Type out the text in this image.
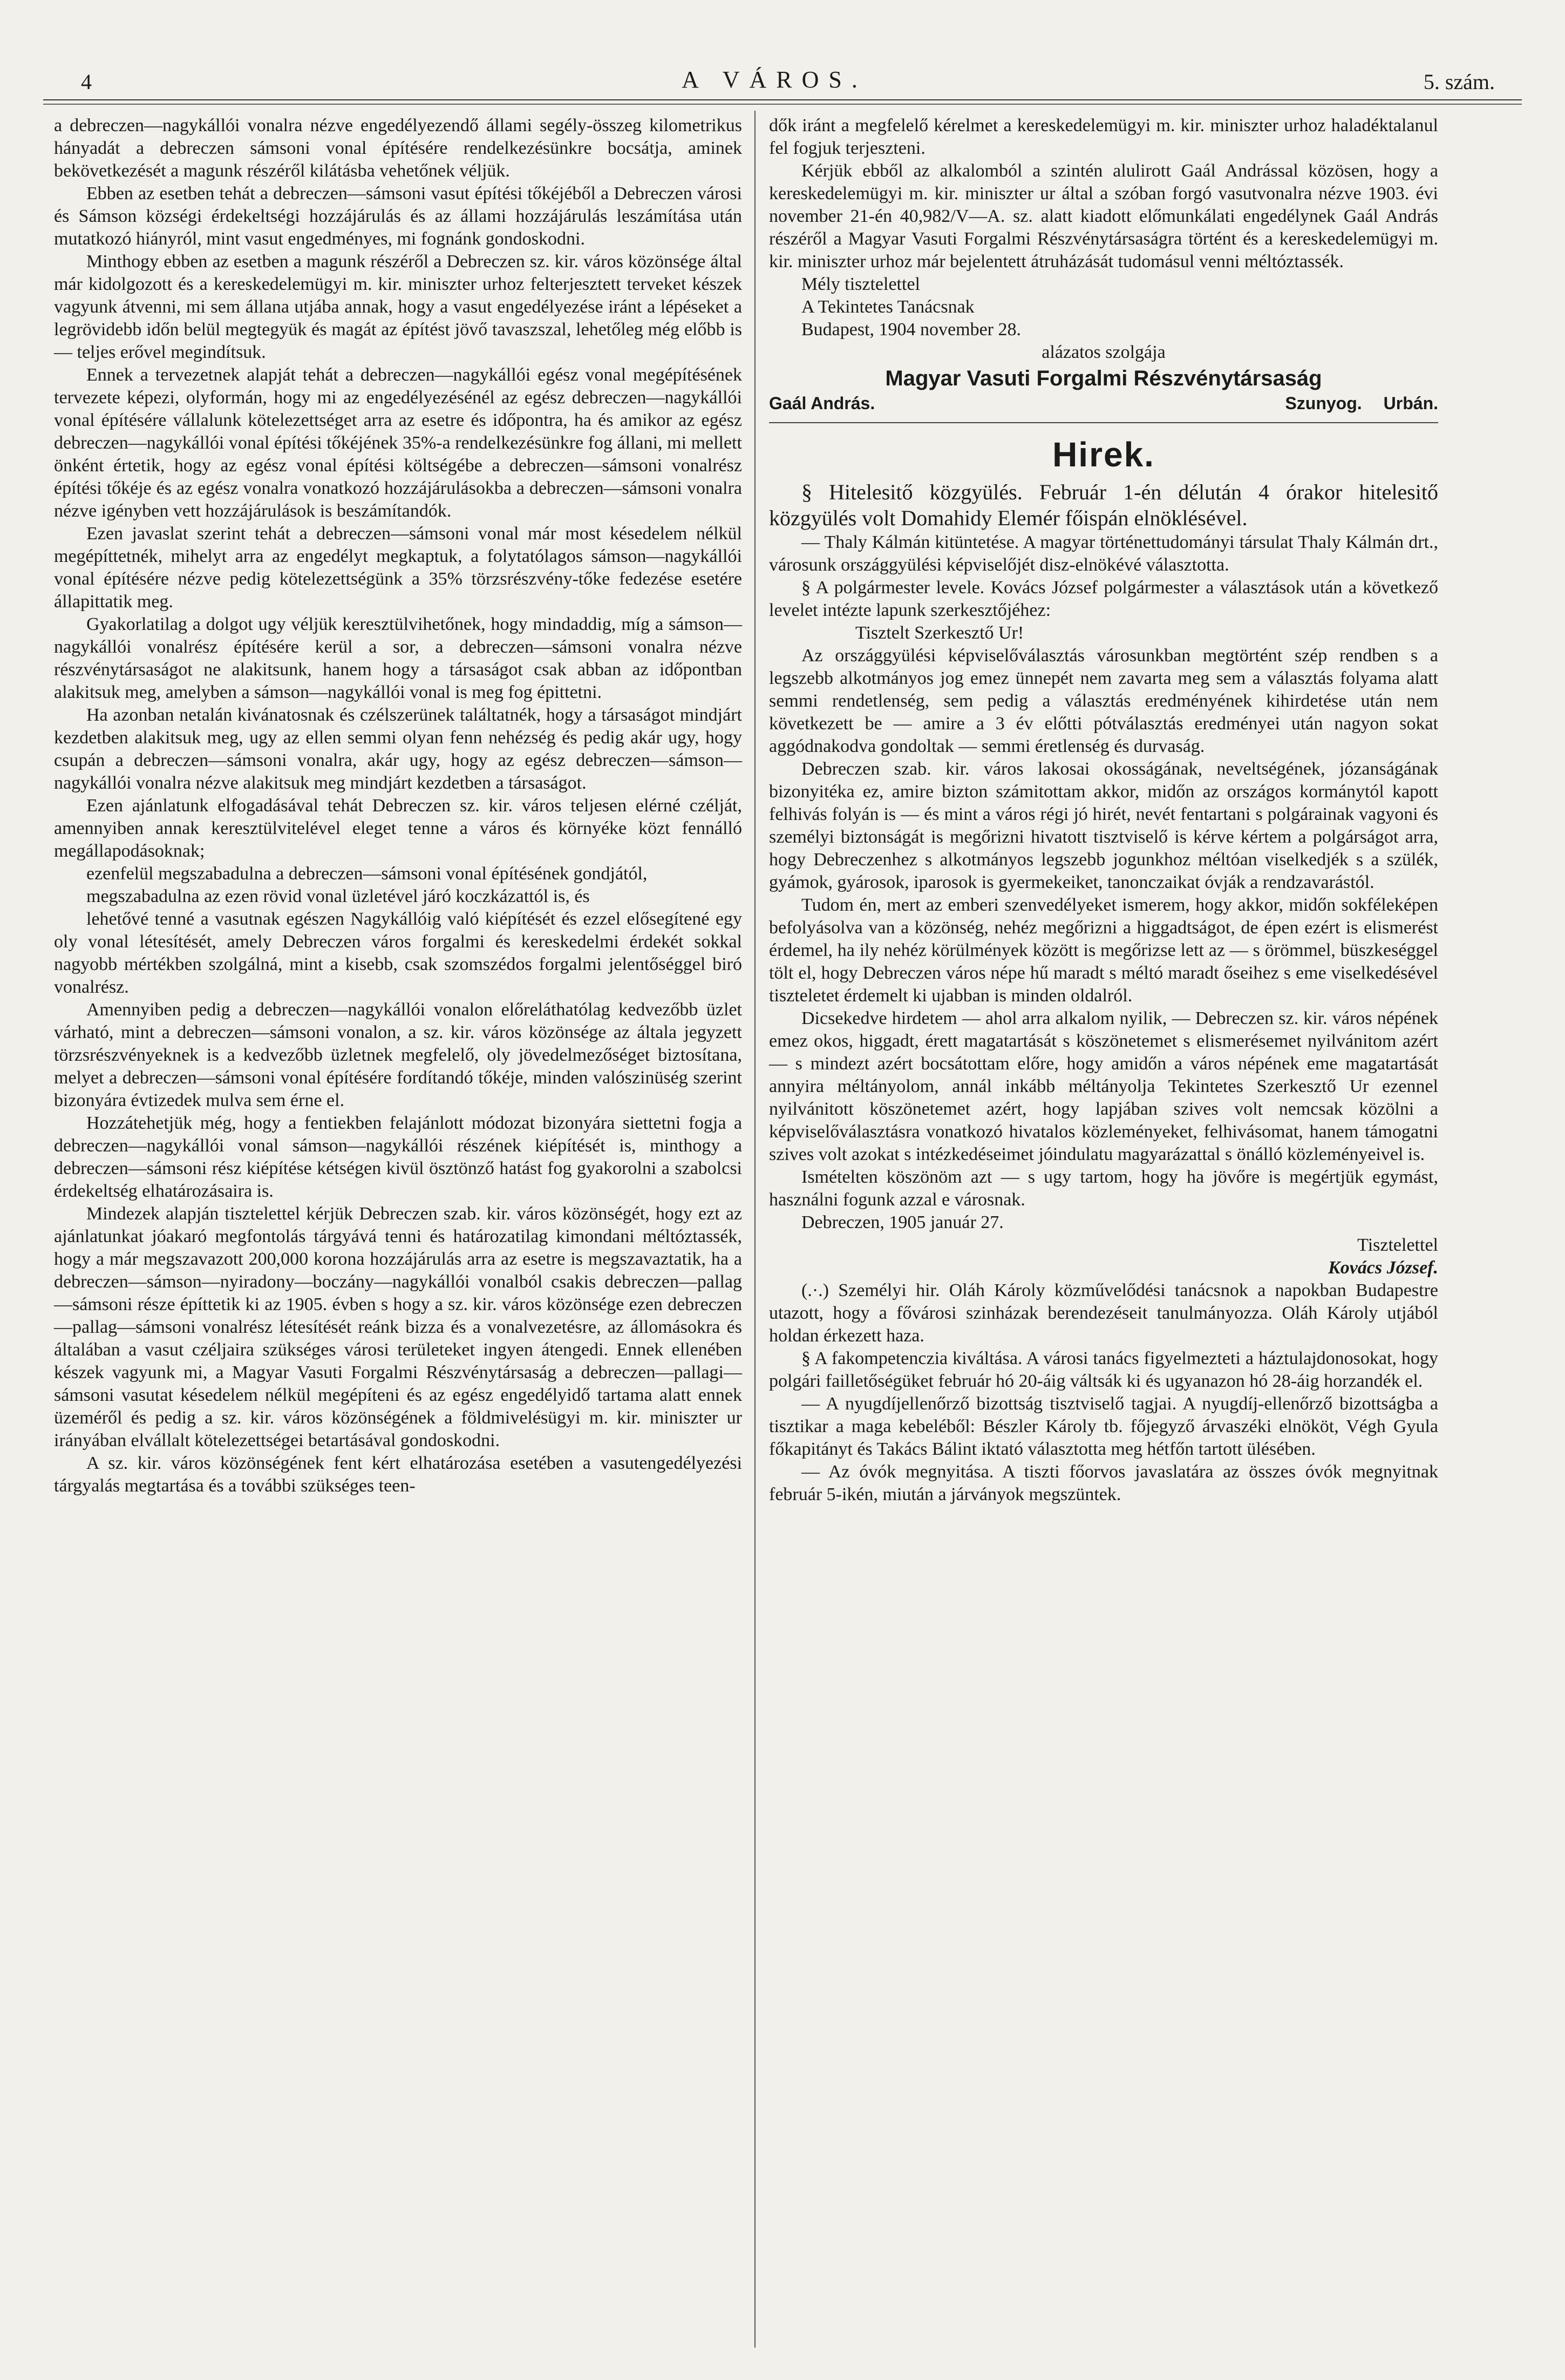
4	A VÁROS.	5. szám.

a debreczen—nagykállói vonalra nézve engedélyezendő állami segély-összeg kilometrikus hányadát a debreczen sámsoni vonal építésére rendelkezésünkre bocsátja, aminek bekövetkezését a magunk részéről kilátásba vehetőnek véljük.

Ebben az esetben tehát a debreczen—sámsoni vasut építési tőkéjéből a Debreczen városi és Sámson községi érdekeltségi hozzájárulás és az állami hozzájárulás leszámítása után mutatkozó hiányról, mint vasut engedményes, mi fognánk gondoskodni.

Minthogy ebben az esetben a magunk részéről a Debreczen sz. kir. város közönsége által már kidolgozott és a kereskedelemügyi m. kir. miniszter urhoz felterjesztett terveket készek vagyunk átvenni, mi sem állana utjába annak, hogy a vasut engedélyezése iránt a lépéseket a legrövidebb időn belül megtegyük és magát az építést jövő tavaszszal, lehetőleg még előbb is — teljes erővel megindítsuk.

Ennek a tervezetnek alapját tehát a debreczen—nagykállói egész vonal megépítésének tervezete képezi, olyformán, hogy mi az engedélyezésénél az egész debreczen—nagykállói vonal építésére vállalunk kötelezettséget arra az esetre és időpontra, ha és amikor az egész debreczen—nagykállói vonal építési tőkéjének 35%-a rendelkezésünkre fog állani, mi mellett önként értetik, hogy az egész vonal építési költségébe a debreczen—sámsoni vonalrész építési tőkéje és az egész vonalra vonatkozó hozzájárulásokba a debreczen—sámsoni vonalra nézve igényben vett hozzájárulások is beszámítandók.

Ezen javaslat szerint tehát a debreczen—sámsoni vonal már most késedelem nélkül megépíttetnék, mihelyt arra az engedélyt megkaptuk, a folytatólagos sámson—nagykállói vonal építésére nézve pedig kötelezettségünk a 35% törzsrészvény-tőke fedezése esetére állapittatik meg.

Gyakorlatilag a dolgot ugy véljük keresztülvihetőnek, hogy mindaddig, míg a sámson—nagykállói vonalrész építésére kerül a sor, a debreczen—sámsoni vonalra nézve részvénytársaságot ne alakitsunk, hanem hogy a társaságot csak abban az időpontban alakitsuk meg, amelyben a sámson—nagykállói vonal is meg fog épittetni.

Ha azonban netalán kivánatosnak és czélszerünek találtatnék, hogy a társaságot mindjárt kezdetben alakitsuk meg, ugy az ellen semmi olyan fenn nehézség és pedig akár ugy, hogy csupán a debreczen—sámsoni vonalra, akár ugy, hogy az egész debreczen—sámson—nagykállói vonalra nézve alakitsuk meg mindjárt kezdetben a társaságot.

Ezen ajánlatunk elfogadásával tehát Debreczen sz. kir. város teljesen elérné czélját, amennyiben annak keresztülvitelével eleget tenne a város és környéke közt fennálló megállapodásoknak;

ezenfelül megszabadulna a debreczen—sámsoni vonal építésének gondjától,

megszabadulna az ezen rövid vonal üzletével járó koczkázattól is, és

lehetővé tenné a vasutnak egészen Nagykállóig való kiépítését és ezzel elősegítené egy oly vonal létesítését, amely Debreczen város forgalmi és kereskedelmi érdekét sokkal nagyobb mértékben szolgálná, mint a kisebb, csak szomszédos forgalmi jelentőséggel biró vonalrész.

Amennyiben pedig a debreczen—nagykállói vonalon előreláthatólag kedvezőbb üzlet várható, mint a debreczen—sámsoni vonalon, a sz. kir. város közönsége az általa jegyzett törzsrészvényeknek is a kedvezőbb üzletnek megfelelő, oly jövedelmezőséget biztosítana, melyet a debreczen—sámsoni vonal építésére fordítandó tőkéje, minden valószinüség szerint bizonyára évtizedek mulva sem érne el.

Hozzátehetjük még, hogy a fentiekben felajánlott módozat bizonyára siettetni fogja a debreczen—nagykállói vonal sámson—nagykállói részének kiépítését is, minthogy a debreczen—sámsoni rész kiépítése kétségen kivül ösztönző hatást fog gyakorolni a szabolcsi érdekeltség elhatározásaira is.

Mindezek alapján tisztelettel kérjük Debreczen szab. kir. város közönségét, hogy ezt az ajánlatunkat jóakaró megfontolás tárgyává tenni és határozatilag kimondani méltóztassék, hogy a már megszavazott 200,000 korona hozzájárulás arra az esetre is megszavaztatik, ha a debreczen—sámson—nyiradony—boczány—nagykállói vonalból csakis debreczen—pallag—sámsoni része építtetik ki az 1905. évben s hogy a sz. kir. város közönsége ezen debreczen—pallag—sámsoni vonalrész létesítését reánk bizza és a vonalvezetésre, az állomásokra és általában a vasut czéljaira szükséges városi területeket ingyen átengedi. Ennek ellenében készek vagyunk mi, a Magyar Vasuti Forgalmi Részvénytársaság a debreczen—pallagi—sámsoni vasutat késedelem nélkül megépíteni és az egész engedélyidő tartama alatt ennek üzeméről és pedig a sz. kir. város közönségének a földmivelésügyi m. kir. miniszter ur irányában elvállalt kötelezettségei betartásával gondoskodni.

A sz. kir. város közönségének fent kért elhatározása esetében a vasutengedélyezési tárgyalás megtartása és a további szükséges teen-

dők iránt a megfelelő kérelmet a kereskedelemügyi m. kir. miniszter urhoz haladéktalanul fel fogjuk terjeszteni.

Kérjük ebből az alkalomból a szintén alulirott Gaál Andrással közösen, hogy a kereskedelemügyi m. kir. miniszter ur által a szóban forgó vasutvonalra nézve 1903. évi november 21-én 40,982/V—A. sz. alatt kiadott előmunkálati engedélynek Gaál András részéről a Magyar Vasuti Forgalmi Részvénytársaságra történt és a kereskedelemügyi m. kir. miniszter urhoz már bejelentett átruházását tudomásul venni méltóztassék.

Mély tisztelettel

A Tekintetes Tanácsnak

Budapest, 1904 november 28.

alázatos szolgája

Magyar Vasuti Forgalmi Részvénytársaság
Gaál András.	Szunyog. Urbán.
Hirek.

§ Hitelesitő közgyülés. Február 1-én délután 4 órakor hitelesitő közgyülés volt Domahidy Elemér főispán elnöklésével.

— Thaly Kálmán kitüntetése. A magyar történettudományi társulat Thaly Kálmán drt., városunk országgyülési képviselőjét disz-elnökévé választotta.

§ A polgármester levele. Kovács József polgármester a választások után a következő levelet intézte lapunk szerkesztőjéhez:

Tisztelt Szerkesztő Ur!

Az országgyülési képviselőválasztás városunkban megtörtént szép rendben s a legszebb alkotmányos jog emez ünnepét nem zavarta meg sem a választás folyama alatt semmi rendetlenség, sem pedig a választás eredményének kihirdetése után nem következett be — amire a 3 év előtti pótválasztás eredményei után nagyon sokat aggódnakodva gondoltak — semmi éretlenség és durvaság.

Debreczen szab. kir. város lakosai okosságának, neveltségének, józanságának bizonyitéka ez, amire bizton számitottam akkor, midőn az országos kormánytól kapott felhivás folyán is — és mint a város régi jó hirét, nevét fentartani s polgárainak vagyoni és személyi biztonságát is megőrizni hivatott tisztviselő is kérve kértem a polgárságot arra, hogy Debreczenhez s alkotmányos legszebb jogunkhoz méltóan viselkedjék s a szülék, gyámok, gyárosok, iparosok is gyermekeiket, tanonczaikat óvják a rendzavarástól.

Tudom én, mert az emberi szenvedélyeket ismerem, hogy akkor, midőn sokféleképen befolyásolva van a közönség, nehéz megőrizni a higgadtságot, de épen ezért is elismerést érdemel, ha ily nehéz körülmények között is megőrizse lett az — s örömmel, büszkeséggel tölt el, hogy Debreczen város népe hű maradt s méltó maradt őseihez s eme viselkedésével tiszteletet érdemelt ki ujabban is minden oldalról.

Dicsekedve hirdetem — ahol arra alkalom nyilik, — Debreczen sz. kir. város népének emez okos, higgadt, érett magatartását s köszönetemet s elismerésemet nyilvánitom azért — s mindezt azért bocsátottam előre, hogy amidőn a város népének eme magatartását annyira méltányolom, annál inkább méltányolja Tekintetes Szerkesztő Ur ezennel nyilvánitott köszönetemet azért, hogy lapjában szives volt nemcsak közölni a képviselőválasztásra vonatkozó hivatalos közleményeket, felhivásomat, hanem támogatni szives volt azokat s intézkedéseimet jóindulatu magyarázattal s önálló közleményeivel is.

Ismételten köszönöm azt — s ugy tartom, hogy ha jövőre is megértjük egymást, használni fogunk azzal e városnak.

Debreczen, 1905 január 27.

Tisztelettel

Kovács József.

(.·.) Személyi hir. Oláh Károly közművelődési tanácsnok a napokban Budapestre utazott, hogy a fővárosi szinházak berendezéseit tanulmányozza. Oláh Károly utjából holdan érkezett haza.

§ A fakompetenczia kiváltása. A városi tanács figyelmezteti a háztulajdonosokat, hogy polgári failletőségüket február hó 20-áig váltsák ki és ugyanazon hó 28-áig horzandék el.

— A nyugdíjellenőrző bizottság tisztviselő tagjai. A nyugdíj-ellenőrző bizottságba a tisztikar a maga kebeléből: Bészler Károly tb. főjegyző árvaszéki elnököt, Végh Gyula főkapitányt és Takács Bálint iktató választotta meg hétfőn tartott ülésében.

— Az óvók megnyitása. A tiszti főorvos javaslatára az összes óvók megnyitnak február 5-ikén, miután a járványok megszüntek.
